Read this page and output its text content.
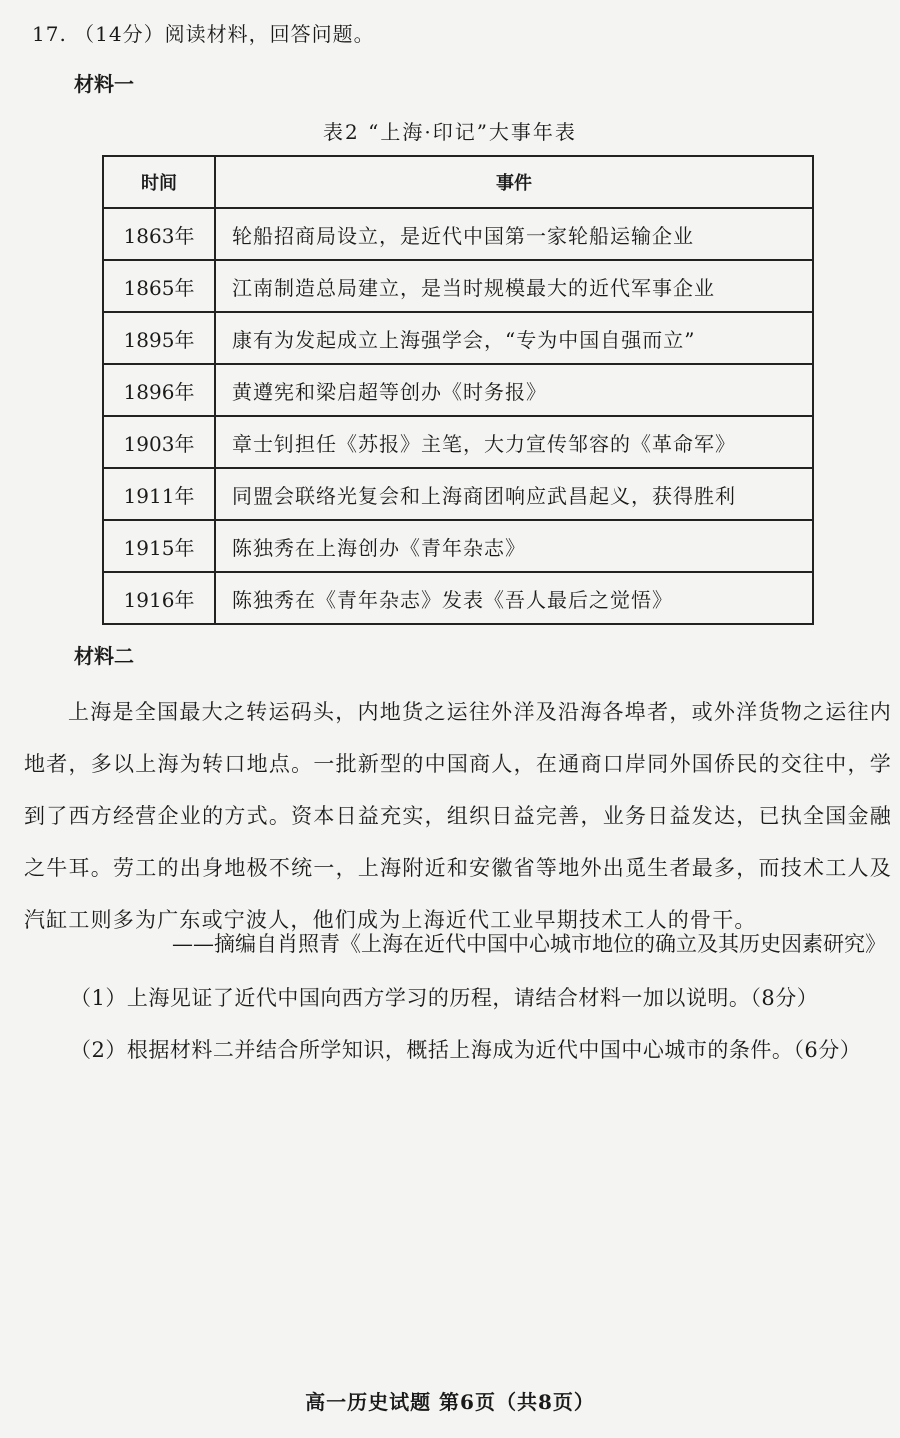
17. （14分）阅读材料，回答问题。
材料一
表2 “上海·印记”大事年表
时间	事件
1863年	轮船招商局设立，是近代中国第一家轮船运输企业
1865年	江南制造总局建立，是当时规模最大的近代军事企业
1895年	康有为发起成立上海强学会，“专为中国自强而立”
1896年	黄遵宪和梁启超等创办《时务报》
1903年	章士钊担任《苏报》主笔，大力宣传邹容的《革命军》
1911年	同盟会联络光复会和上海商团响应武昌起义，获得胜利
1915年	陈独秀在上海创办《青年杂志》
1916年	陈独秀在《青年杂志》发表《吾人最后之觉悟》
材料二

上海是全国最大之转运码头，内地货之运往外洋及沿海各埠者，或外洋货物之运往内地者，多以上海为转口地点。一批新型的中国商人，在通商口岸同外国侨民的交往中，学到了西方经营企业的方式。资本日益充实，组织日益完善，业务日益发达，已执全国金融之牛耳。劳工的出身地极不统一，上海附近和安徽省等地外出觅生者最多，而技术工人及汽缸工则多为广东或宁波人，他们成为上海近代工业早期技术工人的骨干。

——摘编自肖照青《上海在近代中国中心城市地位的确立及其历史因素研究》

（1）上海见证了近代中国向西方学习的历程，请结合材料一加以说明。（8分）

（2）根据材料二并结合所学知识，概括上海成为近代中国中心城市的条件。（6分）

高一历史试题 第6页（共8页）
